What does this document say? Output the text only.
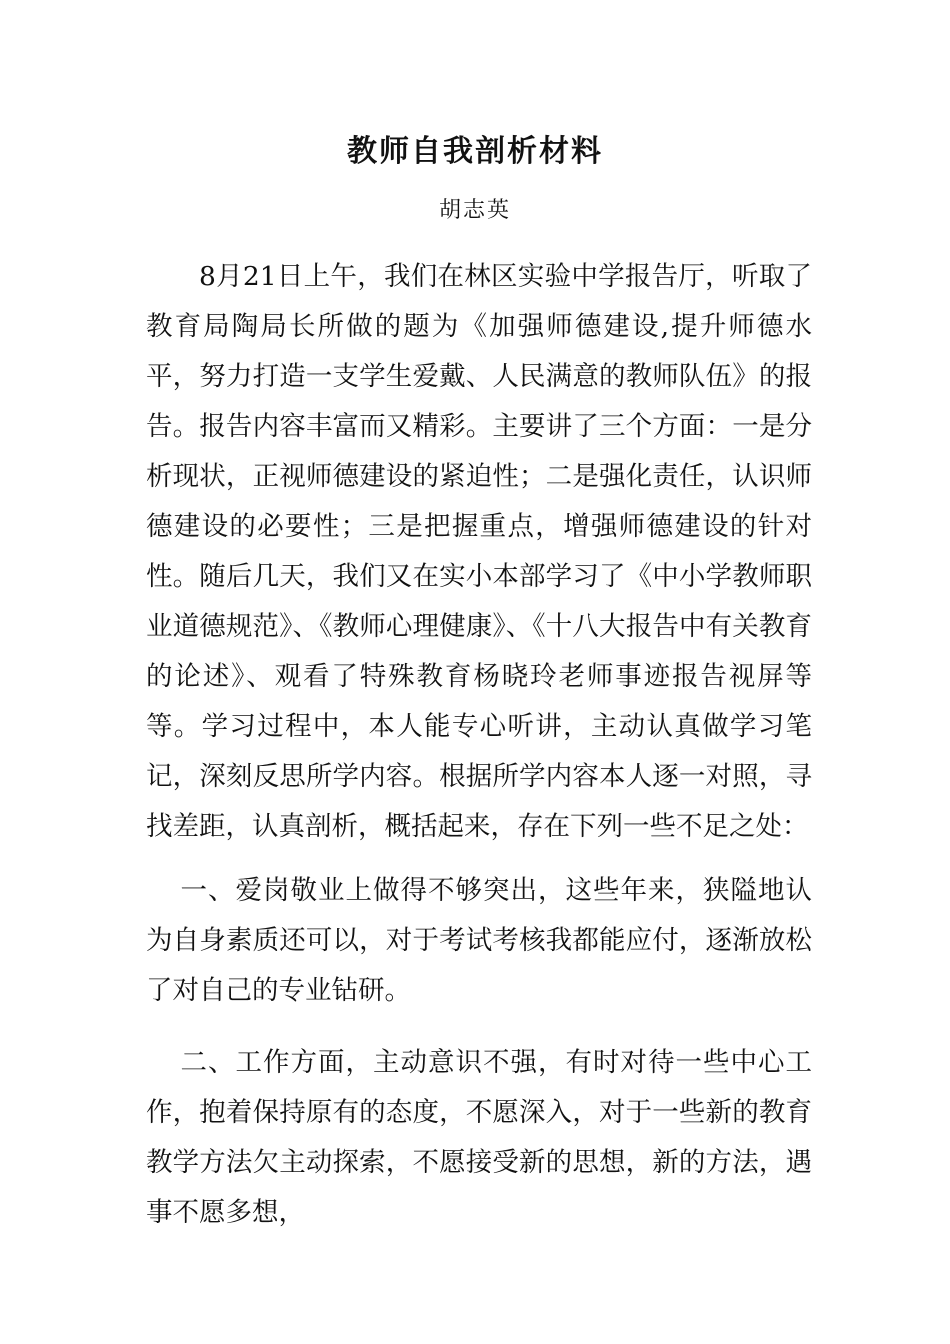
教师自我剖析材料

胡志英

8月21日上午，我们在林区实验中学报告厅，听取了教育局陶局长所做的题为《加强师德建设,提升师德水平，努力打造一支学生爱戴、人民满意的教师队伍》的报告。报告内容丰富而又精彩。主要讲了三个方面：一是分析现状，正视师德建设的紧迫性；二是强化责任，认识师德建设的必要性；三是把握重点，增强师德建设的针对性。随后几天，我们又在实小本部学习了《中小学教师职业道德规范》、《教师心理健康》、《十八大报告中有关教育的论述》、观看了特殊教育杨晓玲老师事迹报告视屏等等。学习过程中，本人能专心听讲，主动认真做学习笔记，深刻反思所学内容。根据所学内容本人逐一对照，寻找差距，认真剖析，概括起来，存在下列一些不足之处：

一、爱岗敬业上做得不够突出，这些年来，狭隘地认为自身素质还可以，对于考试考核我都能应付，逐渐放松了对自己的专业钻研。

二、工作方面，主动意识不强，有时对待一些中心工作，抱着保持原有的态度，不愿深入，对于一些新的教育教学方法欠主动探索，不愿接受新的思想，新的方法，遇事不愿多想，
